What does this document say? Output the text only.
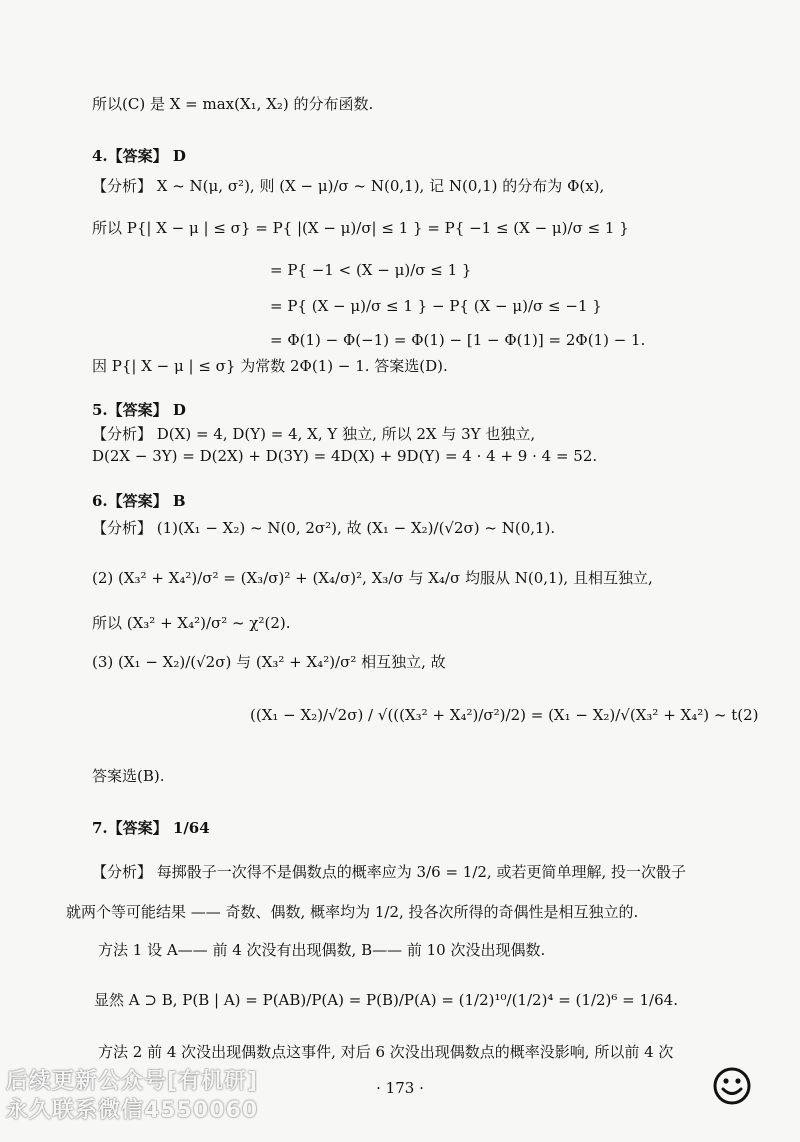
所以(C) 是 X = max(X₁, X₂) 的分布函数.
4.【答案】 D
【分析】 X ~ N(μ, σ²), 则 (X − μ)/σ ~ N(0,1), 记 N(0,1) 的分布为 Φ(x),
所以 P{| X − μ | ≤ σ} = P{ |(X − μ)/σ| ≤ 1 } = P{ −1 ≤ (X − μ)/σ ≤ 1 }
= P{ −1 < (X − μ)/σ ≤ 1 }
= P{ (X − μ)/σ ≤ 1 } − P{ (X − μ)/σ ≤ −1 }
= Φ(1) − Φ(−1) = Φ(1) − [1 − Φ(1)] = 2Φ(1) − 1.
因 P{| X − μ | ≤ σ} 为常数 2Φ(1) − 1. 答案选(D).
5.【答案】 D
【分析】 D(X) = 4, D(Y) = 4, X, Y 独立, 所以 2X 与 3Y 也独立,
D(2X − 3Y) = D(2X) + D(3Y) = 4D(X) + 9D(Y) = 4 · 4 + 9 · 4 = 52.
6.【答案】 B
【分析】 (1)(X₁ − X₂) ~ N(0, 2σ²), 故 (X₁ − X₂)/(√2σ) ~ N(0,1).
(2) (X₃² + X₄²)/σ² = (X₃/σ)² + (X₄/σ)², X₃/σ 与 X₄/σ 均服从 N(0,1), 且相互独立,
所以 (X₃² + X₄²)/σ² ~ χ²(2).
(3) (X₁ − X₂)/(√2σ) 与 (X₃² + X₄²)/σ² 相互独立, 故
((X₁ − X₂)/√2σ) / √(((X₃² + X₄²)/σ²)/2) = (X₁ − X₂)/√(X₃² + X₄²) ~ t(2)
答案选(B).
7.【答案】 1/64
【分析】 每掷骰子一次得不是偶数点的概率应为 3/6 = 1/2, 或若更简单理解, 投一次骰子
就两个等可能结果 —— 奇数、偶数, 概率均为 1/2, 投各次所得的奇偶性是相互独立的.
方法 1 设 A—— 前 4 次没有出现偶数, B—— 前 10 次没出现偶数.
显然 A ⊃ B, P(B | A) = P(AB)/P(A) = P(B)/P(A) = (1/2)¹⁰/(1/2)⁴ = (1/2)⁶ = 1/64.
方法 2 前 4 次没出现偶数点这事件, 对后 6 次没出现偶数点的概率没影响, 所以前 4 次
· 173 ·
后续更新公众号[有机研]
永久联系微信4550060
